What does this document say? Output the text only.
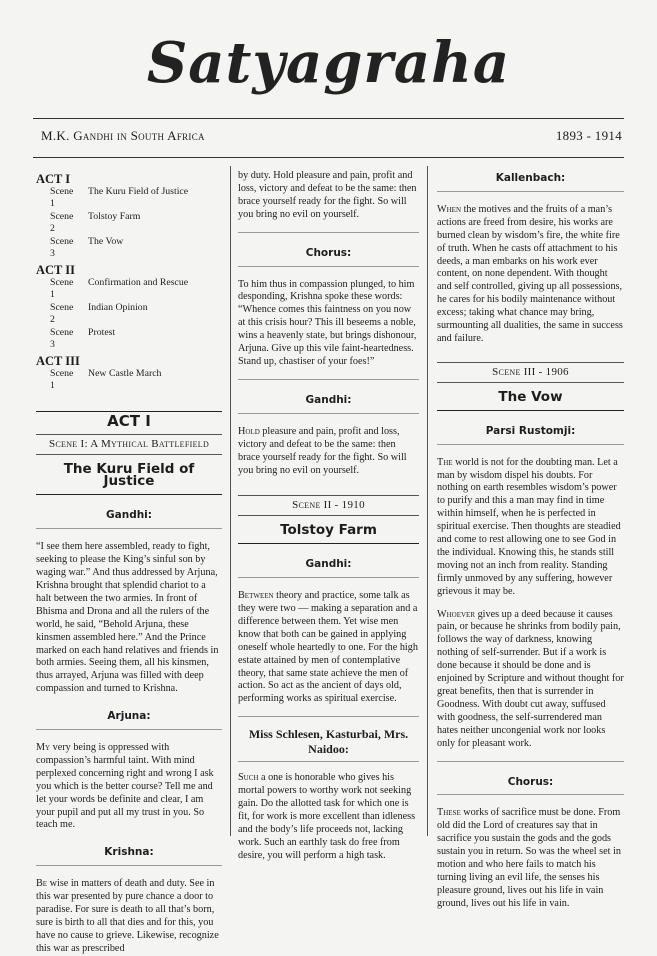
Satyagraha
M.K. Gandhi in South Africa	1893 - 1914
ACT I
Scene 1
The Kuru Field of Justice
Scene 2
Tolstoy Farm
Scene 3
The Vow
ACT II
Scene 1
Confirmation and Rescue
Scene 2
Indian Opinion
Scene 3
Protest
ACT III
Scene 1
New Castle March
ACT I
Scene I: A Mythical Battlefield
The Kuru Field of Justice
Gandhi:

“I see them here assembled, ready to fight, seeking to please the King’s sinful son by waging war.” And thus addressed by Arjuna, Krishna brought that splendid chariot to a halt between the two armies. In front of Bhisma and Drona and all the rulers of the world, he said, “Behold Arjuna, these kinsmen assembled here.” And the Prince marked on each hand relatives and friends in both armies. Seeing them, all his kinsmen, thus arrayed, Arjuna was filled with deep compassion and turned to Krishna.

Arjuna:

My very being is oppressed with compassion’s harmful taint. With mind perplexed concerning right and wrong I ask you which is the better course? Tell me and let your words be definite and clear, I am your pupil and put all my trust in you. So teach me.

Krishna:

Be wise in matters of death and duty. See in this war presented by pure chance a door to paradise. For sure is death to all that’s born, sure is birth to all that dies and for this, you have no cause to grieve. Likewise, recognize this war as prescribed

by duty. Hold pleasure and pain, profit and loss, victory and defeat to be the same: then brace yourself ready for the fight. So will you bring no evil on yourself.

Chorus:

To him thus in compassion plunged, to him desponding, Krishna spoke these words: “Whence comes this faintness on you now at this crisis hour? This ill beseems a noble, wins a heavenly state, but brings dishonour, Arjuna. Give up this vile faint-heartedness. Stand up, chastiser of your foes!”

Gandhi:

Hold pleasure and pain, profit and loss, victory and defeat to be the same: then brace yourself ready for the fight. So will you bring no evil on yourself.

Scene II - 1910
Tolstoy Farm
Gandhi:

Between theory and practice, some talk as they were two — making a separation and a difference between them. Yet wise men know that both can be gained in applying oneself whole heartedly to one. For the high estate attained by men of contemplative theory, that same state achieve the men of action. So act as the ancient of days old, performing works as spiritual exercise.

Miss Schlesen, Kasturbai, Mrs. Naidoo:

Such a one is honorable who gives his mortal powers to worthy work not seeking gain. Do the allotted task for which one is fit, for work is more excellent than idleness and the body’s life proceeds not, lacking work. Such an earthly task do free from desire, you will perform a high task.

Kallenbach:

When the motives and the fruits of a man’s actions are freed from desire, his works are burned clean by wisdom’s fire, the white fire of truth. When he casts off attachment to his deeds, a man embarks on his work ever content, on none dependent. With thought and self controlled, giving up all possessions, he cares for his bodily maintenance without excess; taking what chance may bring, surmounting all dualities, the same in success and failure.

Scene III - 1906
The Vow
Parsi Rustomji:

The world is not for the doubting man. Let a man by wisdom dispel his doubts. For nothing on earth resembles wisdom’s power to purify and this a man may find in time within himself, when he is perfected in spiritual exercise. Then thoughts are steadied and come to rest allowing one to see God in the individual. Knowing this, he stands still moving not an inch from reality. Standing firmly unmoved by any suffering, however grievous it may be.

Whoever gives up a deed because it causes pain, or because he shrinks from bodily pain, follows the way of darkness, knowing nothing of self-surrender. But if a work is done because it should be done and is enjoined by Scripture and without thought for great benefits, then that is surrender in Goodness. With doubt cut away, suffused with goodness, the self-surrendered man hates neither uncongenial work nor looks only for pleasant work.

Chorus:

These works of sacrifice must be done. From old did the Lord of creatures say that in sacrifice you sustain the gods and the gods sustain you in return. So was the wheel set in motion and who here fails to match his turning living an evil life, the senses his pleasure ground, lives out his life in vain ground, lives out his life in vain.
